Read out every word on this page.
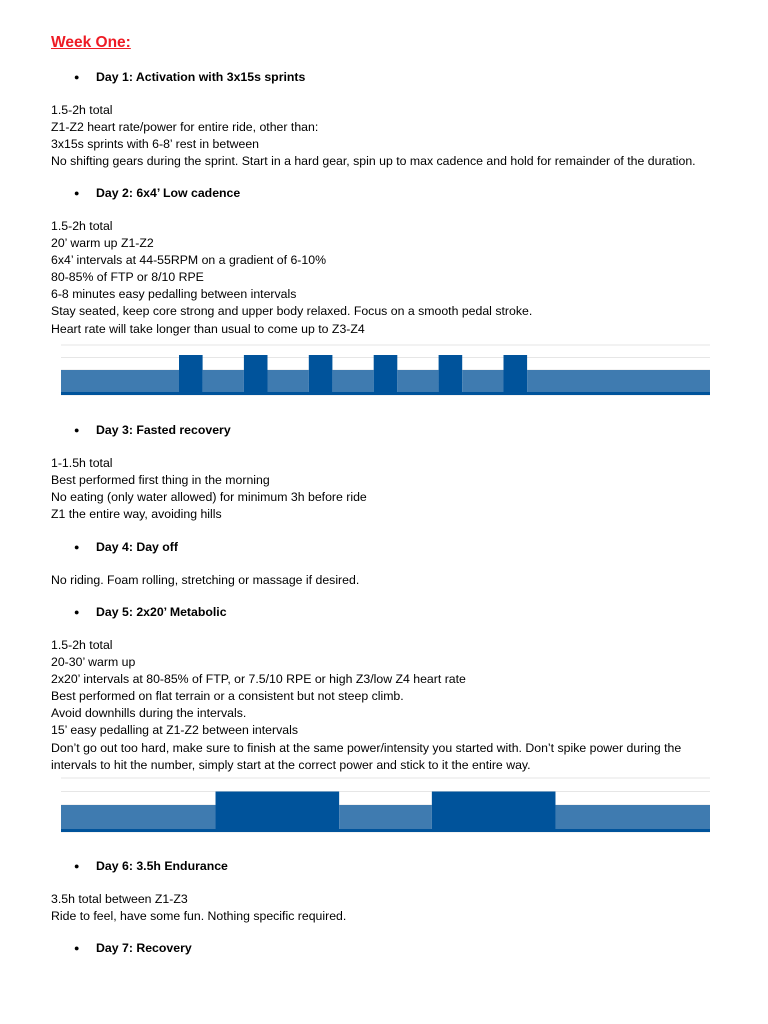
Week One:
●	Day 1: Activation with 3x15s sprints
1.5-2h total
Z1-Z2 heart rate/power for entire ride, other than:
3x15s sprints with 6-8’ rest in between
No shifting gears during the sprint. Start in a hard gear, spin up to max cadence and hold for remainder of the duration.
●	Day 2: 6x4’ Low cadence
1.5-2h total
20’ warm up Z1-Z2
6x4’ intervals at 44-55RPM on a gradient of 6-10%
80-85% of FTP or 8/10 RPE
6-8 minutes easy pedalling between intervals
Stay seated, keep core strong and upper body relaxed. Focus on a smooth pedal stroke.
Heart rate will take longer than usual to come up to Z3-Z4
●	Day 3: Fasted recovery
1-1.5h total
Best performed first thing in the morning
No eating (only water allowed) for minimum 3h before ride
Z1 the entire way, avoiding hills
●	Day 4: Day off
No riding. Foam rolling, stretching or massage if desired.
●	Day 5: 2x20’ Metabolic
1.5-2h total
20-30’ warm up
2x20’ intervals at 80-85% of FTP, or 7.5/10 RPE or high Z3/low Z4 heart rate
Best performed on flat terrain or a consistent but not steep climb.
Avoid downhills during the intervals.
15’ easy pedalling at Z1-Z2 between intervals
Don’t go out too hard, make sure to finish at the same power/intensity you started with. Don’t spike power during the
intervals to hit the number, simply start at the correct power and stick to it the entire way.
●	Day 6: 3.5h Endurance
3.5h total between Z1-Z3
Ride to feel, have some fun. Nothing specific required.
●	Day 7: Recovery
